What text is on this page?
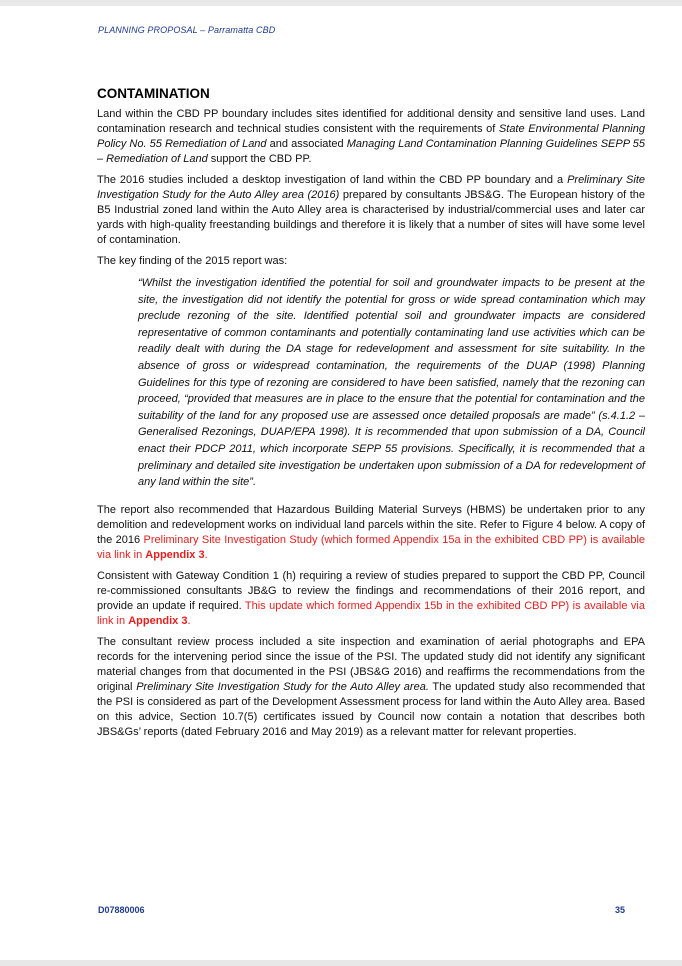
PLANNING PROPOSAL – Parramatta CBD
CONTAMINATION

Land within the CBD PP boundary includes sites identified for additional density and sensitive land uses. Land contamination research and technical studies consistent with the requirements of State Environmental Planning Policy No. 55 Remediation of Land and associated Managing Land Contamination Planning Guidelines SEPP 55 – Remediation of Land support the CBD PP.

The 2016 studies included a desktop investigation of land within the CBD PP boundary and a Preliminary Site Investigation Study for the Auto Alley area (2016) prepared by consultants JBS&G. The European history of the B5 Industrial zoned land within the Auto Alley area is characterised by industrial/commercial uses and later car yards with high-quality freestanding buildings and therefore it is likely that a number of sites will have some level of contamination.

The key finding of the 2015 report was:

“Whilst the investigation identified the potential for soil and groundwater impacts to be present at the site, the investigation did not identify the potential for gross or wide spread contamination which may preclude rezoning of the site. Identified potential soil and groundwater impacts are considered representative of common contaminants and potentially contaminating land use activities which can be readily dealt with during the DA stage for redevelopment and assessment for site suitability. In the absence of gross or widespread contamination, the requirements of the DUAP (1998) Planning Guidelines for this type of rezoning are considered to have been satisfied, namely that the rezoning can proceed, “provided that measures are in place to the ensure that the potential for contamination and the suitability of the land for any proposed use are assessed once detailed proposals are made” (s.4.1.2 – Generalised Rezonings, DUAP/EPA 1998). It is recommended that upon submission of a DA, Council enact their PDCP 2011, which incorporate SEPP 55 provisions. Specifically, it is recommended that a preliminary and detailed site investigation be undertaken upon submission of a DA for redevelopment of any land within the site”.

The report also recommended that Hazardous Building Material Surveys (HBMS) be undertaken prior to any demolition and redevelopment works on individual land parcels within the site. Refer to Figure 4 below. A copy of the 2016 Preliminary Site Investigation Study (which formed Appendix 15a in the exhibited CBD PP) is available via link in Appendix 3.

Consistent with Gateway Condition 1 (h) requiring a review of studies prepared to support the CBD PP, Council re-commissioned consultants JB&G to review the findings and recommendations of their 2016 report, and provide an update if required. This update which formed Appendix 15b in the exhibited CBD PP) is available via link in Appendix 3.

The consultant review process included a site inspection and examination of aerial photographs and EPA records for the intervening period since the issue of the PSI. The updated study did not identify any significant material changes from that documented in the PSI (JBS&G 2016) and reaffirms the recommendations from the original Preliminary Site Investigation Study for the Auto Alley area. The updated study also recommended that the PSI is considered as part of the Development Assessment process for land within the Auto Alley area. Based on this advice, Section 10.7(5) certificates issued by Council now contain a notation that describes both JBS&Gs’ reports (dated February 2016 and May 2019) as a relevant matter for relevant properties.

D07880006	35
